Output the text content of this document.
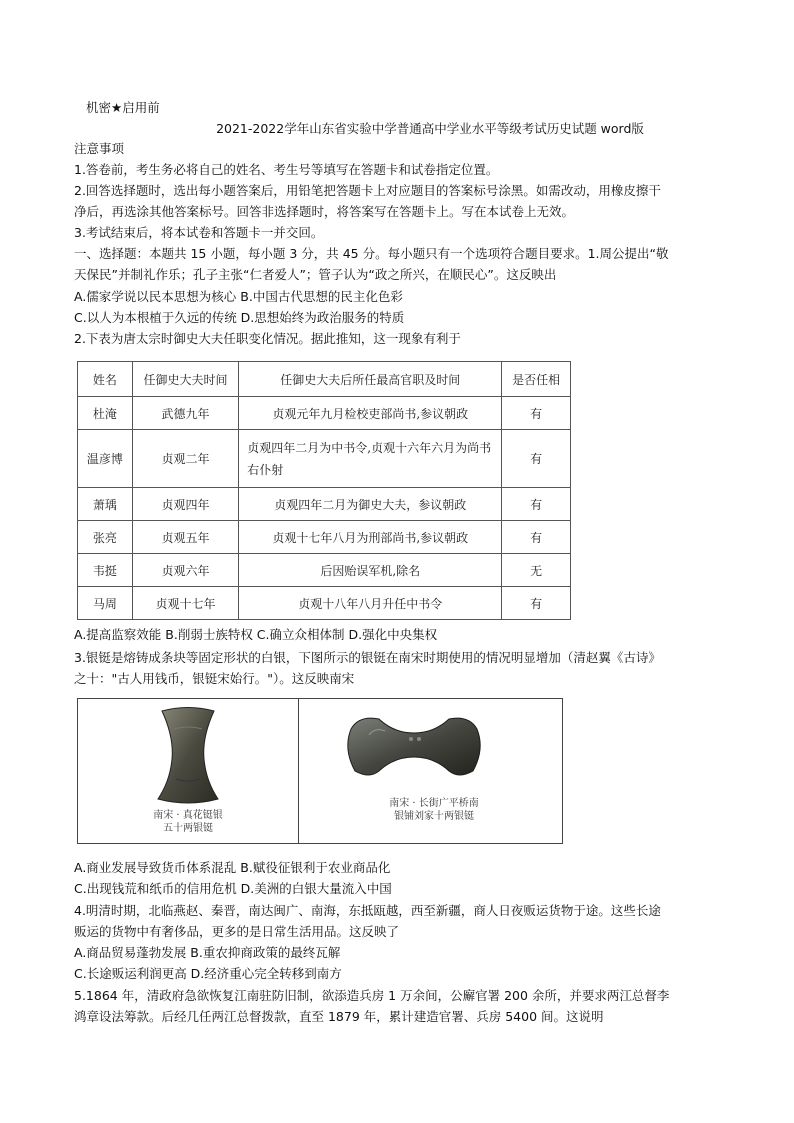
机密★启用前
2021-2022学年山东省实验中学普通高中学业水平等级考试历史试题 word版
注意事项
1.答卷前，考生务必将自己的姓名、考生号等填写在答题卡和试卷指定位置。
2.回答选择题时，选出每小题答案后，用铅笔把答题卡上对应题目的答案标号涂黑。如需改动，用橡皮擦干
净后，再选涂其他答案标号。回答非选择题时，将答案写在答题卡上。写在本试卷上无效。
3.考试结束后，将本试卷和答题卡一并交回。
一、选择题：本题共 15 小题，每小题 3 分，共 45 分。每小题只有一个选项符合题目要求。1.周公提出“敬
天保民”并制礼作乐；孔子主张“仁者爱人”；管子认为“政之所兴，在顺民心”。这反映出
A.儒家学说以民本思想为核心 B.中国古代思想的民主化色彩
C.以人为本根植于久远的传统 D.思想始终为政治服务的特质
2.下表为唐太宗时御史大夫任职变化情况。据此推知，这一现象有利于
姓名	任御史大夫时间	任御史大夫后所任最高官职及时间	是否任相
杜淹	武德九年	贞观元年九月检校吏部尚书,参议朝政	有
温彦博	贞观二年	贞观四年二月为中书令,贞观十六年六月为尚书右仆射	有
萧瑀	贞观四年	贞观四年二月为御史大夫，参议朝政	有
张亮	贞观五年	贞观十七年八月为刑部尚书,参议朝政	有
韦挺	贞观六年	后因贻误军机,除名	无
马周	贞观十七年	贞观十八年八月升任中书令	有
A.提高监察效能 B.削弱士族特权 C.确立众相体制 D.强化中央集权
3.银铤是熔铸成条块等固定形状的白银，下图所示的银铤在南宋时期使用的情况明显增加（清赵翼《古诗》
之十："古人用钱币，银铤宋始行。"）。这反映南宋
南宋 · 真花铤银
五十两银铤
南宋 · 长街广平桥南
银铺刘家十两银铤
A.商业发展导致货币体系混乱 B.赋役征银利于农业商品化
C.出现钱荒和纸币的信用危机 D.美洲的白银大量流入中国
4.明清时期，北临燕赵、秦晋，南达闽广、南海，东抵瓯越，西至新疆，商人日夜贩运货物于途。这些长途
贩运的货物中有奢侈品，更多的是日常生活用品。这反映了
A.商品贸易蓬勃发展 B.重农抑商政策的最终瓦解
C.长途贩运利润更高 D.经济重心完全转移到南方
5.1864 年，清政府急欲恢复江南驻防旧制，欲添造兵房 1 万余间，公廨官署 200 余所，并要求两江总督李
鸿章设法筹款。后经几任两江总督拨款，直至 1879 年，累计建造官署、兵房 5400 间。这说明
